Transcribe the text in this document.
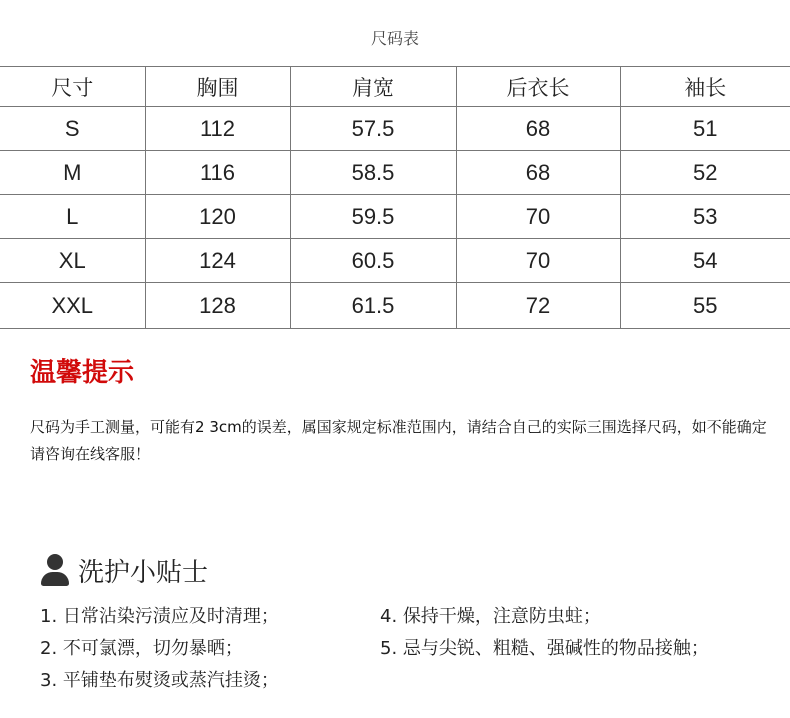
尺码表
尺寸	胸围	肩宽	后衣长	袖长
S	112	57.5	68	51
M	116	58.5	68	52
L	120	59.5	70	53
XL	124	60.5	70	54
XXL	128	61.5	72	55
温馨提示
尺码为手工测量，可能有2 3cm的误差，属国家规定标准范围内，请结合自己的实际三围选择尺码，如不能确定请咨询在线客服！
洗护小贴士
1. 日常沾染污渍应及时清理；
2. 不可氯漂，切勿暴晒；
3. 平铺垫布熨烫或蒸汽挂烫；
4. 保持干燥，注意防虫蛀；
5. 忌与尖锐、粗糙、强碱性的物品接触；
